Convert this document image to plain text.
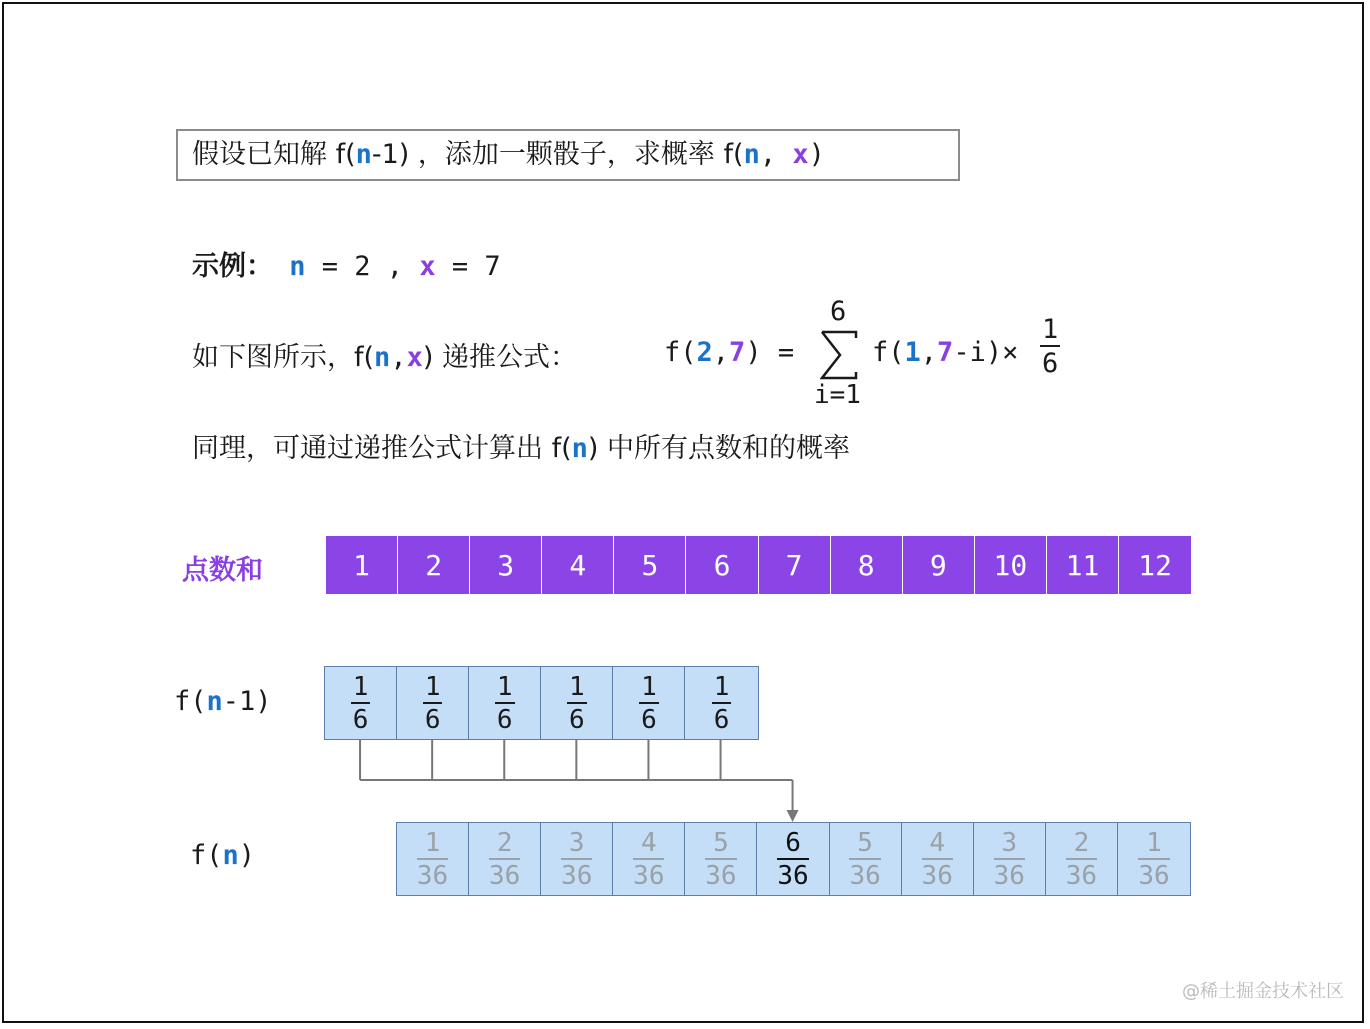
假设已知解 f(n-1) ，添加一颗骰子，求概率 f(n, x)
示例： n = 2 , x = 7
如下图所示，f(n,x) 递推公式：	f(2,7) =
6
i=1
$f(1,7-i)\times \frac{1}{6}$
同理，可通过递推公式计算出 f(n) 中所有点数和的概率
点数和	1	2	3	4	5	6	7	8	9	10	11	12
f(n-1)	$\frac{1}{6} \frac{1}{6} \frac{1}{6} \frac{1}{6} \frac{1}{6} \frac{1}{6}$
f(n)	$\frac{1}{36} \frac{2}{36} \frac{3}{36} \frac{4}{36} \frac{5}{36} \frac{6}{36} \frac{5}{36} \frac{4}{36} \frac{3}{36} \frac{2}{36} \frac{1}{36}$
@稀土掘金技术社区
